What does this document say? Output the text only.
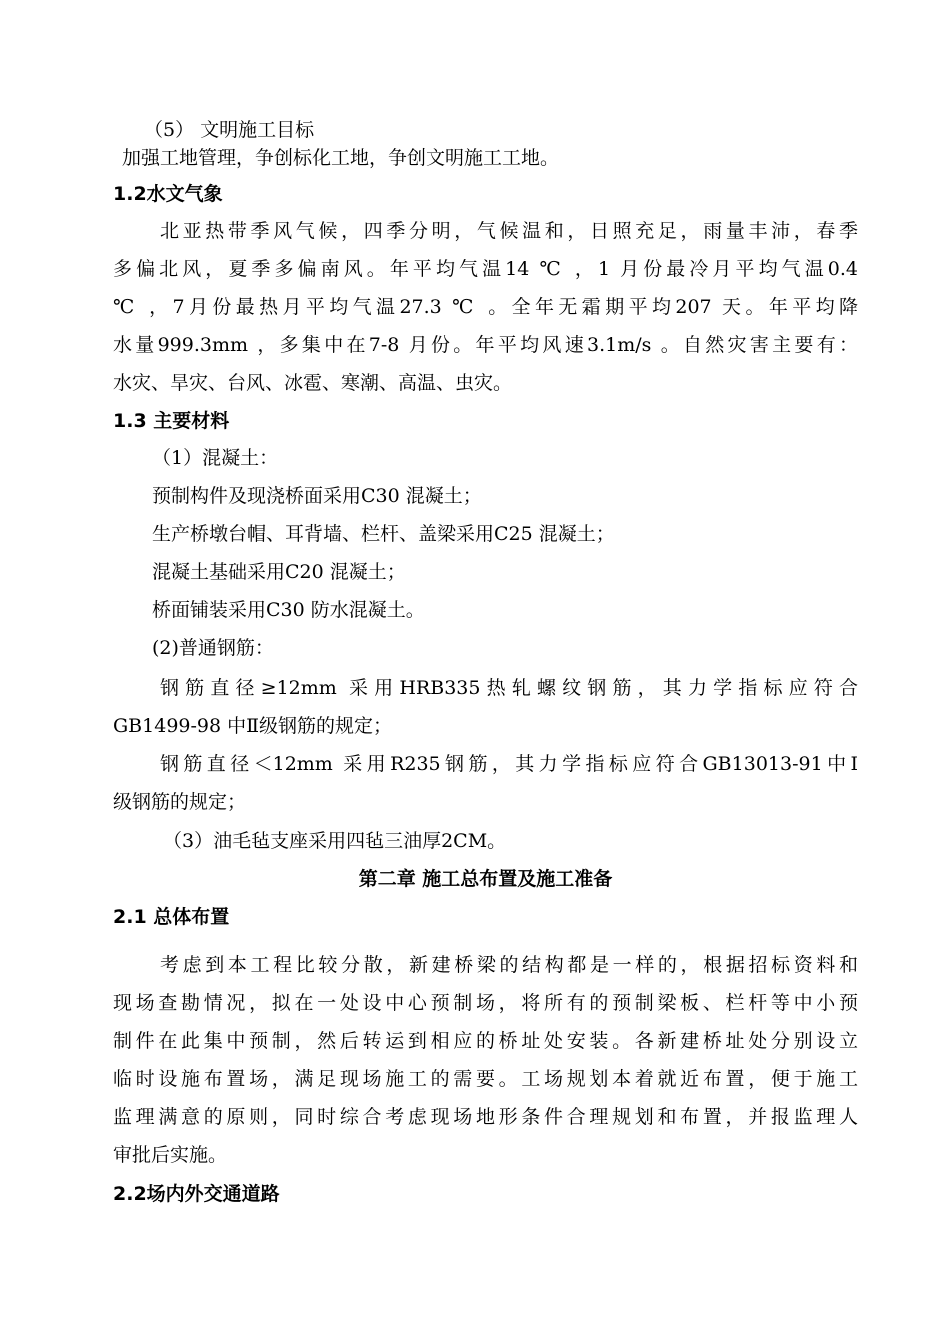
（5） 文明施工目标
加强工地管理，争创标化工地，争创文明施工工地。
1.2水文气象
北亚热带季风气候，四季分明，气候温和，日照充足，雨量丰沛，春季
多偏北风，夏季多偏南风。年平均气温14 ℃ ，1 月份最冷月平均气温0.4
℃ ，7月份最热月平均气温27.3 ℃ 。全年无霜期平均207 天。年平均降
水量999.3mm ，多集中在7-8 月份。年平均风速3.1m/s 。自然灾害主要有：
水灾、旱灾、台风、冰雹、寒潮、高温、虫灾。
1.3 主要材料
（1）混凝土：
预制构件及现浇桥面采用C30 混凝土；
生产桥墩台帽、耳背墙、栏杆、盖梁采用C25 混凝土；
混凝土基础采用C20 混凝土；
桥面铺装采用C30 防水混凝土。
(2)普通钢筋：
钢筋直径≥12mm 采用HRB335热轧螺纹钢筋，其力学指标应符合
GB1499-98 中Ⅱ级钢筋的规定；
钢筋直径＜12mm 采用R235钢筋，其力学指标应符合GB13013-91中Ⅰ
级钢筋的规定；
（3）油毛毡支座采用四毡三油厚2CM。
第二章 施工总布置及施工准备
2.1 总体布置
考虑到本工程比较分散，新建桥梁的结构都是一样的，根据招标资料和
现场查勘情况，拟在一处设中心预制场，将所有的预制梁板、栏杆等中小预
制件在此集中预制，然后转运到相应的桥址处安装。各新建桥址处分别设立
临时设施布置场，满足现场施工的需要。工场规划本着就近布置，便于施工
监理满意的原则，同时综合考虑现场地形条件合理规划和布置，并报监理人
审批后实施。
2.2场内外交通道路
